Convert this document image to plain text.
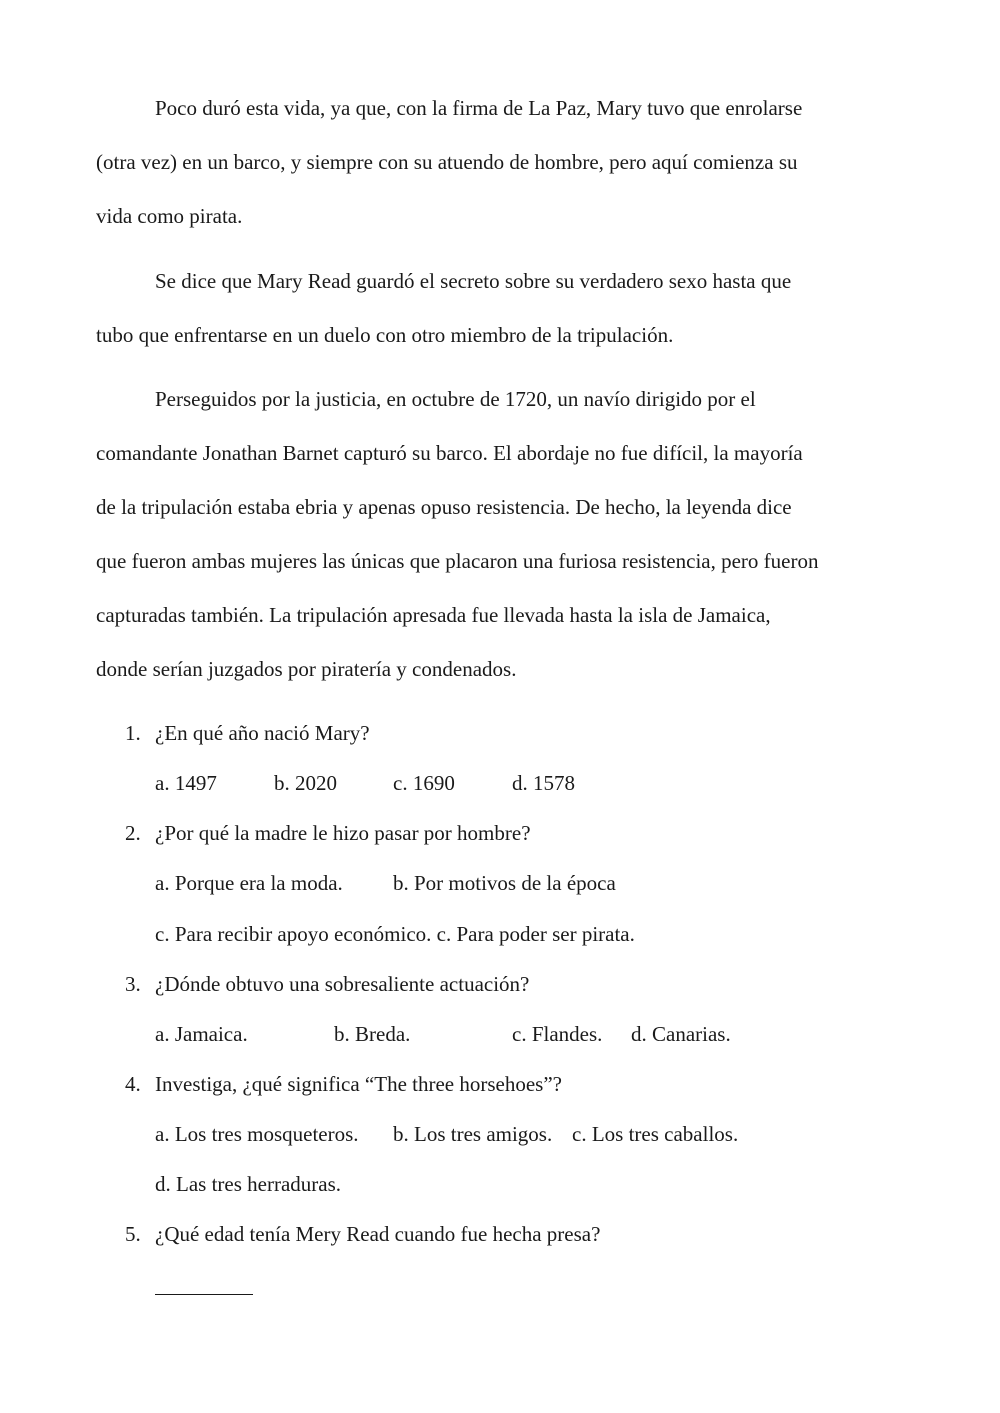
Poco duró esta vida, ya que, con la firma de La Paz, Mary tuvo que enrolarse
(otra vez) en un barco, y siempre con su atuendo de hombre, pero aquí comienza su
vida como pirata.
Se dice que Mary Read guardó el secreto sobre su verdadero sexo hasta que
tubo que enfrentarse en un duelo con otro miembro de la tripulación.
Perseguidos por la justicia, en octubre de 1720, un navío dirigido por el
comandante Jonathan Barnet capturó su barco. El abordaje no fue difícil, la mayoría
de la tripulación estaba ebria y apenas opuso resistencia. De hecho, la leyenda dice
que fueron ambas mujeres las únicas que placaron una furiosa resistencia, pero fueron
capturadas también. La tripulación apresada fue llevada hasta la isla de Jamaica,
donde serían juzgados por piratería y condenados.
1. ¿En qué año nació Mary?
a. 1497	b. 2020	c. 1690	d. 1578
2. ¿Por qué la madre le hizo pasar por hombre?
a. Porque era la moda. b. Por motivos de la época
c. Para recibir apoyo económico. c. Para poder ser pirata.
3. ¿Dónde obtuvo una sobresaliente actuación?
a. Jamaica.	b. Breda.	c. Flandes. d. Canarias.
4. Investiga, ¿qué significa “The three horsehoes”?
a. Los tres mosqueteros. b. Los tres amigos. c. Los tres caballos.
d. Las tres herraduras.
5. ¿Qué edad tenía Mery Read cuando fue hecha presa?
